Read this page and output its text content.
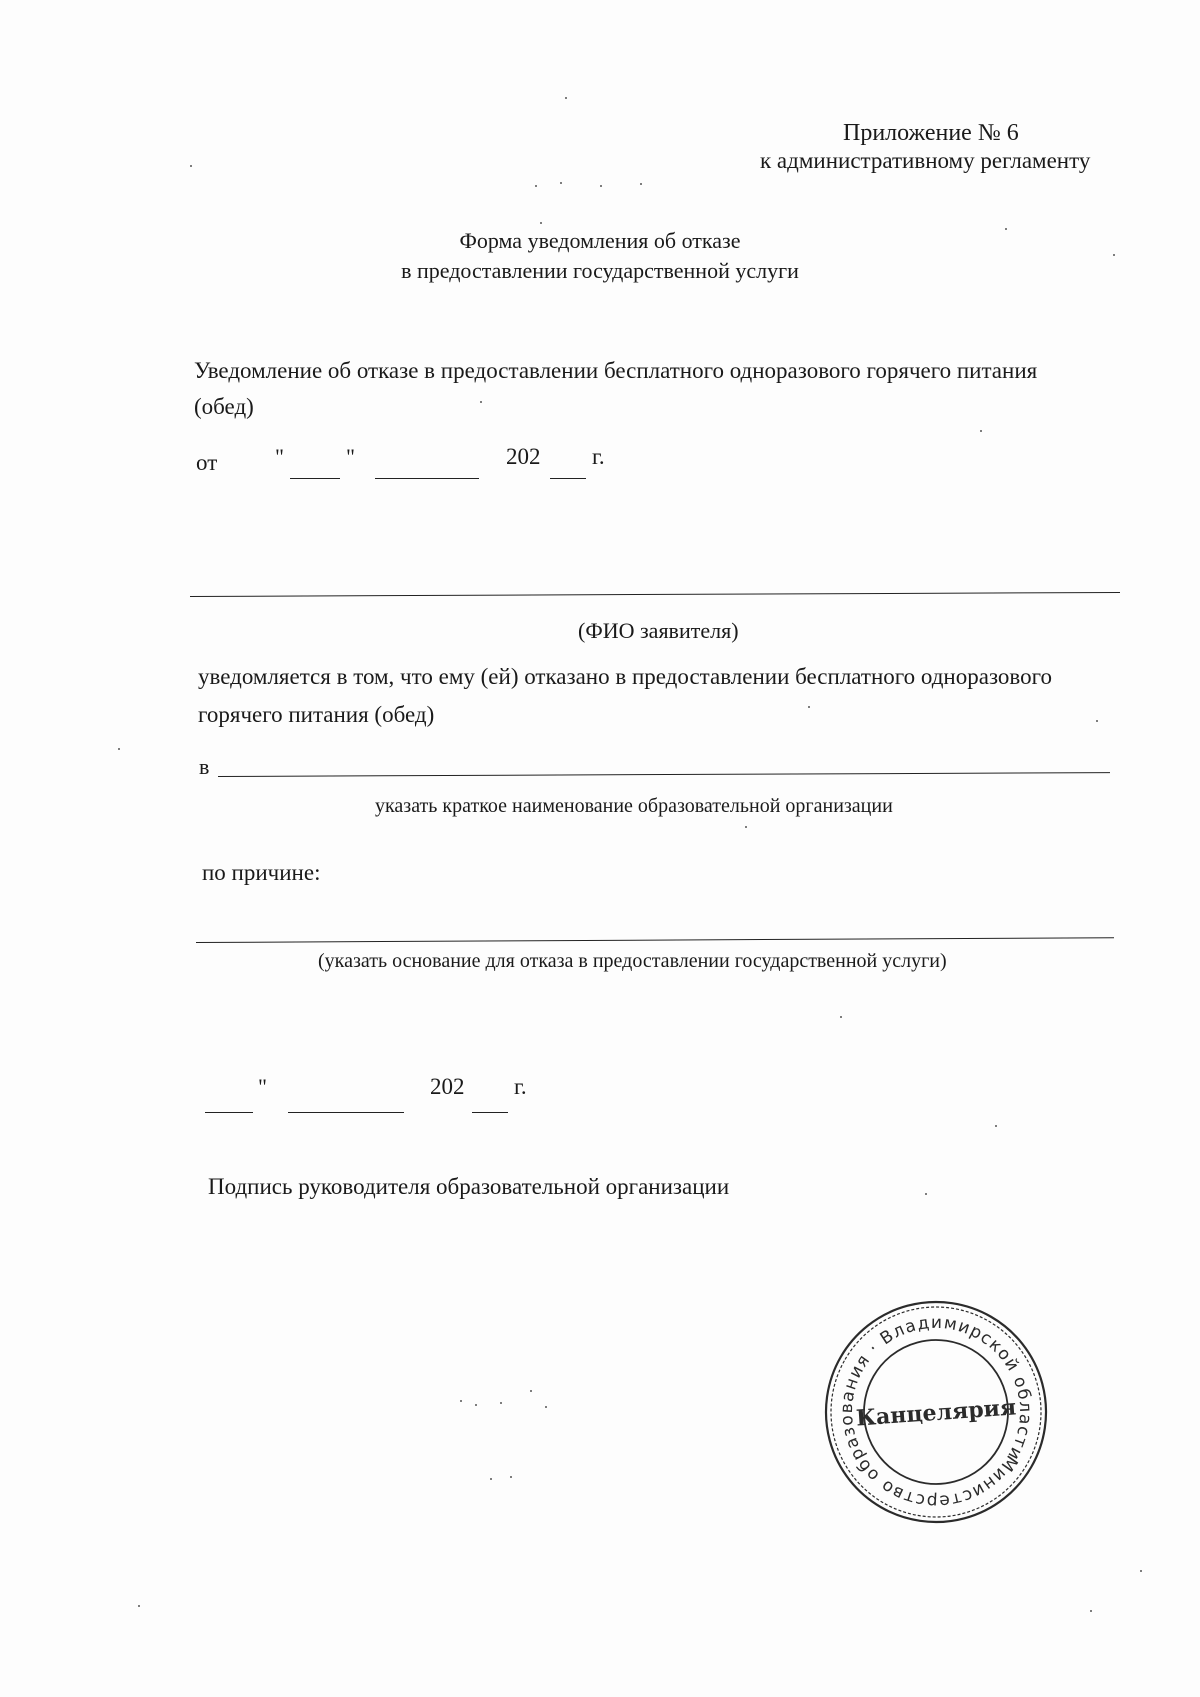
Приложение № 6
к административному регламенту
Форма уведомления об отказе
в предоставлении государственной услуги
Уведомление об отказе в предоставлении бесплатного одноразового горячего питания
(обед)
от	"	"	202 г.
(ФИО заявителя)
уведомляется в том, что ему (ей) отказано в предоставлении бесплатного одноразового
горячего питания (обед)
в
указать краткое наименование образовательной организации
по причине:
(указать основание для отказа в предоставлении государственной услуги)
"	202 г.
Подпись руководителя образовательной организации
Министерство образования · Владимирской области
Канцелярия
